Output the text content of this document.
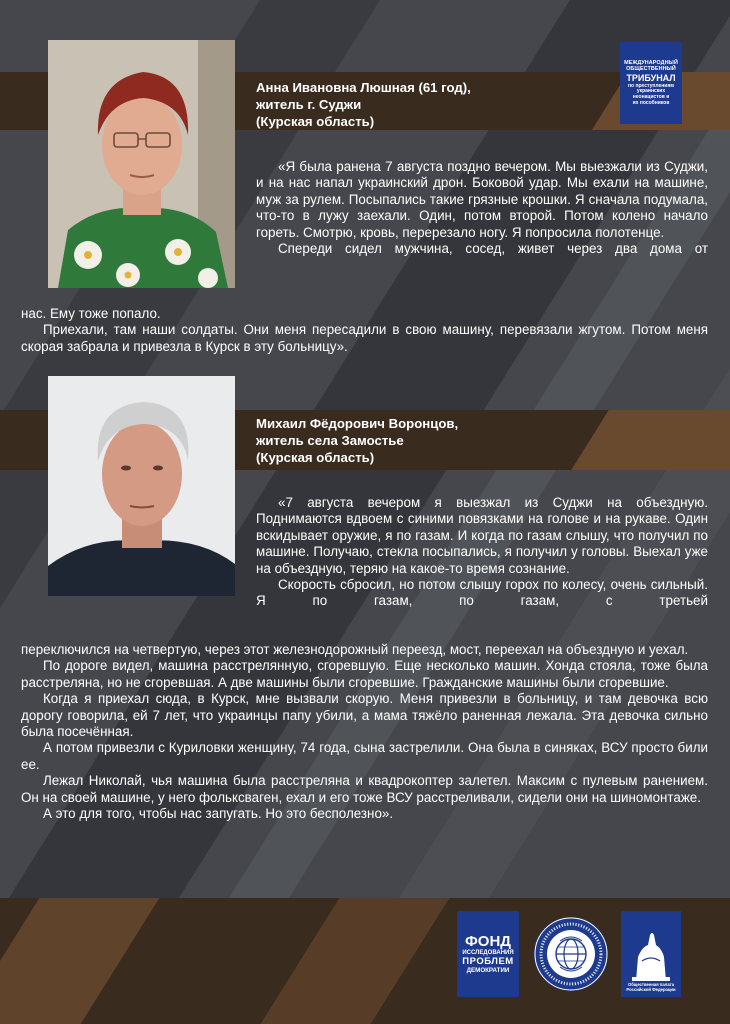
МЕЖДУНАРОДНЫЙ
ОБЩЕСТВЕННЫЙ
ТРИБУНАЛ
по преступлениям
украинских
неонацистов и
их пособников
Анна Ивановна Люшная (61 год),
житель г. Суджи
(Курская область)

«Я была ранена 7 августа поздно вечером. Мы выезжали из Суджи, и на нас напал украинский дрон. Боковой удар. Мы ехали на машине, муж за рулем. Посыпались такие грязные крошки. Я сначала подумала, что-то в лужу заехали. Один, потом второй. Потом колено начало гореть. Смотрю, кровь, перерезало ногу. Я попросила полотенце.

Спереди сидел мужчина, сосед, живет через два дома от

нас. Ему тоже попало.

Приехали, там наши солдаты. Они меня пересадили в свою машину, перевязали жгутом. Потом меня скорая забрала и привезла в Курск в эту больницу».

Михаил Фёдорович Воронцов,
житель села Замостье
(Курская область)

«7 августа вечером я выезжал из Суджи на объездную. Поднимаются вдвоем с синими повязками на голове и на рукаве. Один вскидывает оружие, я по газам. И когда по газам слышу, что получил по машине. Получаю, стекла посыпались, я получил у головы. Выехал уже на объездную, теряю на какое-то время сознание.

Скорость сбросил, но потом слышу горох по колесу, очень сильный. Я по газам, по газам, с третьей

переключился на четвертую, через этот железнодорожный переезд, мост, переехал на объездную и уехал.

По дороге видел, машина расстрелянную, сгоревшую. Еще несколько машин. Хонда стояла, тоже была расстреляна, но не сгоревшая. А две машины были сгоревшие. Гражданские машины были сгоревшие.

Когда я приехал сюда, в Курск, мне вызвали скорую. Меня привезли в больницу, и там девочка всю дорогу говорила, ей 7 лет, что украинцы папу убили, а мама тяжёло раненная лежала. Эта девочка сильно была посечённая.

А потом привезли с Куриловки женщину, 74 года, сына застрелили. Она была в синяках, ВСУ просто били ее.

Лежал Николай, чья машина была расстреляна и квадрокоптер залетел. Максим с пулевым ранением. Он на своей машине, у него фольксваген, ехал и его тоже ВСУ расстреливали, сидели они на шиномонтаже.

А это для того, чтобы нас запугать. Но это бесполезно».

ФОНД
ИССЛЕДОВАНИЯ
ПРОБЛЕМ
ДЕМОКРАТИИ
Общественная палата
Российской Федерации
